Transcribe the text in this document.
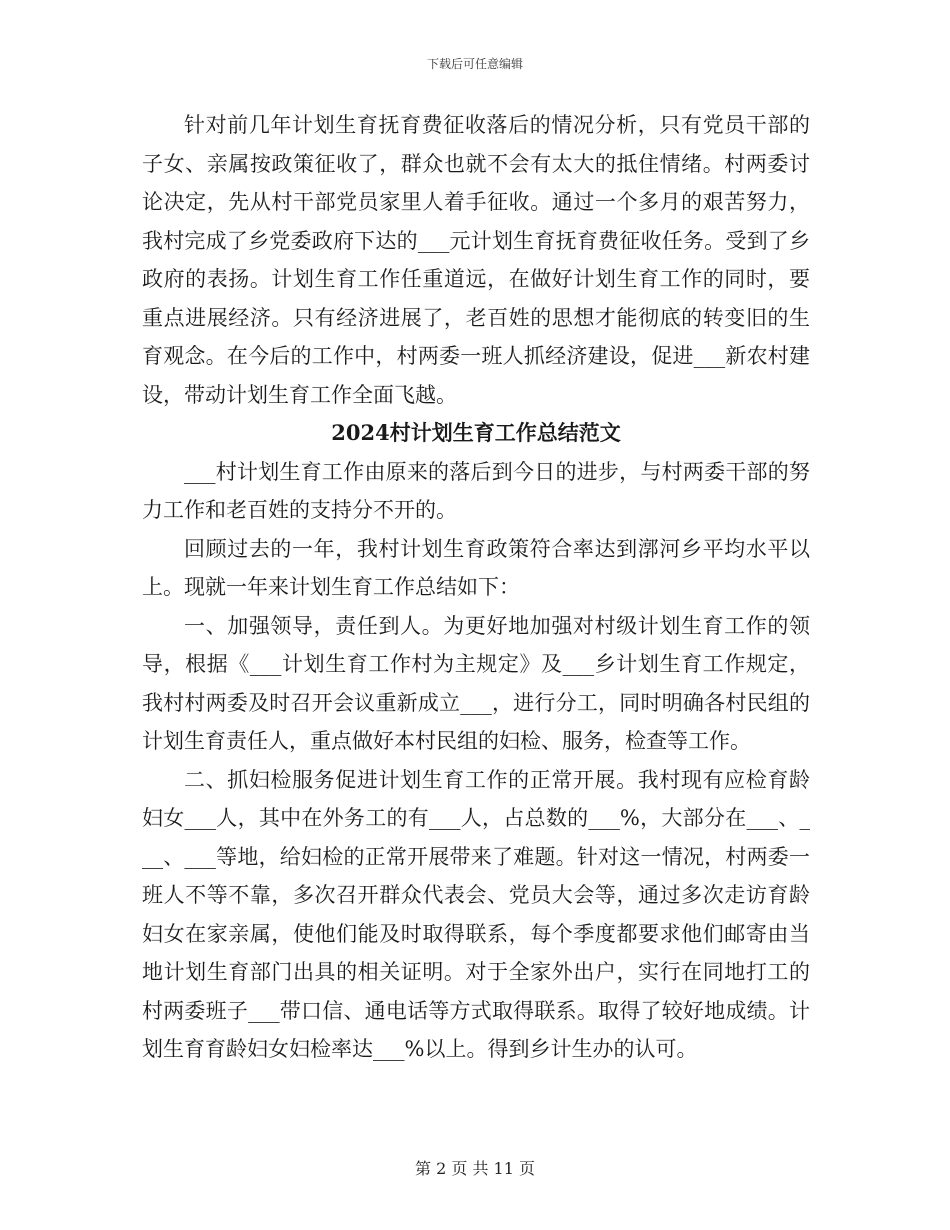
下载后可任意编辑

针对前几年计划生育抚育费征收落后的情况分析，只有党员干部的子女、亲属按政策征收了，群众也就不会有太大的抵住情绪。村两委讨论决定，先从村干部党员家里人着手征收。通过一个多月的艰苦努力，我村完成了乡党委政府下达的___元计划生育抚育费征收任务。受到了乡政府的表扬。计划生育工作任重道远，在做好计划生育工作的同时，要重点进展经济。只有经济进展了，老百姓的思想才能彻底的转变旧的生育观念。在今后的工作中，村两委一班人抓经济建设，促进___新农村建设，带动计划生育工作全面飞越。

2024村计划生育工作总结范文

___村计划生育工作由原来的落后到今日的进步，与村两委干部的努力工作和老百姓的支持分不开的。

回顾过去的一年，我村计划生育政策符合率达到漷河乡平均水平以上。现就一年来计划生育工作总结如下：

一、加强领导，责任到人。为更好地加强对村级计划生育工作的领导，根据《___计划生育工作村为主规定》及___乡计划生育工作规定，我村村两委及时召开会议重新成立___，进行分工，同时明确各村民组的计划生育责任人，重点做好本村民组的妇检、服务，检查等工作。

二、抓妇检服务促进计划生育工作的正常开展。我村现有应检育龄妇女___人，其中在外务工的有___人，占总数的___%，大部分在___、___、___等地，给妇检的正常开展带来了难题。针对这一情况，村两委一班人不等不靠，多次召开群众代表会、党员大会等，通过多次走访育龄妇女在家亲属，使他们能及时取得联系，每个季度都要求他们邮寄由当地计划生育部门出具的相关证明。对于全家外出户，实行在同地打工的村两委班子___带口信、通电话等方式取得联系。取得了较好地成绩。计划生育育龄妇女妇检率达___%以上。得到乡计生办的认可。

第 2 页 共 11 页
